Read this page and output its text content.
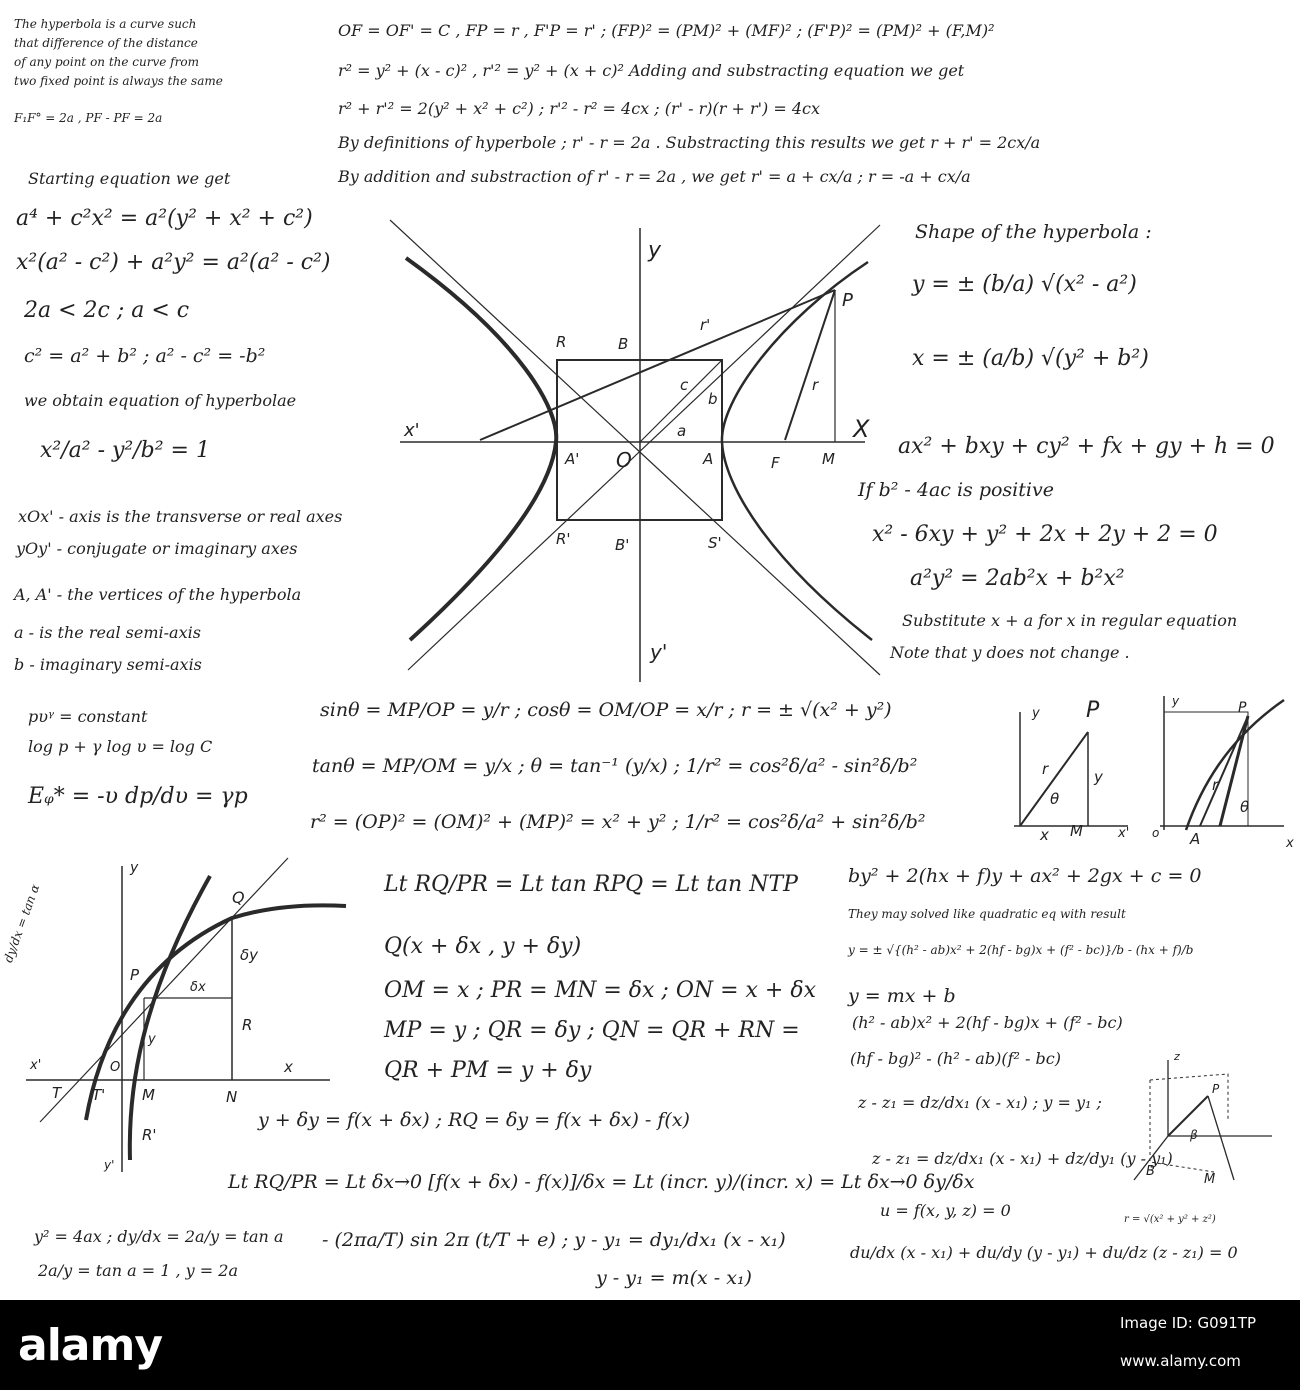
The hyperbola is a curve such

that difference of the distance

of any point on the curve from

two fixed point is always the same

F₁F° = 2a , PF - PF = 2a

OF = OF' = C , FP = r , F'P = r' ; (FP)² = (PM)² + (MF)² ; (F'P)² = (PM)² + (F,M)²

r² = y² + (x - c)² , r'² = y² + (x + c)² Adding and substracting equation we get

r² + r'² = 2(y² + x² + c²) ; r'² - r² = 4cx ; (r' - r)(r + r') = 4cx

By definitions of hyperbole ; r' - r = 2a . Substracting this results we get r + r' = 2cx/a

By addition and substraction of r' - r = 2a , we get r' = a + cx/a ; r = -a + cx/a

Starting equation we get

a⁴ + c²x² = a²(y² + x² + c²)

x²(a² - c²) + a²y² = a²(a² - c²)

2a < 2c ; a < c

c² = a² + b² ; a² - c² = -b²

we obtain equation of hyperbolae

x²/a² - y²/b² = 1

xOx' - axis is the transverse or real axes

yOy' - conjugate or imaginary axes

A, A' - the vertices of the hyperbola

a - is the real semi-axis

b - imaginary semi-axis

y
y'
X
x'
P
r'
r
R	B
c
b
a
A' O	A	F	M
R'	B'	S'

Shape of the hyperbola :

y = ± (b/a) √(x² - a²)

x = ± (a/b) √(y² + b²)

ax² + bxy + cy² + fx + gy + h = 0

If b² - 4ac is positive

x² - 6xy + y² + 2x + 2y + 2 = 0

a²y² = 2ab²x + b²x²

Substitute x + a for x in regular equation

Note that y does not change .

pυᵞ = constant

log p + γ log υ = log C

Eᵩ* = -υ dp/dυ = γp

sinθ = MP/OP = y/r ; cosθ = OM/OP = x/r ; r = ± √(x² + y²)

tanθ = MP/OM = y/x ; θ = tan⁻¹ (y/x) ; 1/r² = cos²δ/a² - sin²δ/b²

r² = (OP)² = (OM)² + (MP)² = x² + y² ; 1/r² = cos²δ/a² + sin²δ/b²

y P
r
θ
y
x M	x'
y	P
r
θ
o A	x
y
Q
δy
δx
P
R
y
x'	x
T T'
O
M	N
R'
y'

dy/dx = tan α	Lt RQ/PR = Lt tan RPQ = Lt tan NTP

Q(x + δx , y + δy)

OM = x ; PR = MN = δx ; ON = x + δx

MP = y ; QR = δy ; QN = QR + RN =

QR + PM = y + δy

by² + 2(hx + f)y + ax² + 2gx + c = 0

They may solved like quadratic eq with result

y = ± √{(h² - ab)x² + 2(hf - bg)x + (f² - bc)}/b - (hx + f)/b

y = mx + b

(h² - ab)x² + 2(hf - bg)x + (f² - bc)

(hf - bg)² - (h² - ab)(f² - bc)

z - z₁ = dz/dx₁ (x - x₁) ; y = y₁ ;

z - z₁ = dz/dx₁ (x - x₁) + dz/dy₁ (y - y₁)

u = f(x, y, z) = 0	r = √(x² + y² + z²)

du/dx (x - x₁) + du/dy (y - y₁) + du/dz (z - z₁) = 0

z
P
β
B
M

y + δy = f(x + δx) ; RQ = δy = f(x + δx) - f(x)

Lt RQ/PR = Lt δx→0 [f(x + δx) - f(x)]/δx = Lt (incr. y)/(incr. x) = Lt δx→0 δy/δx

- (2πa/T) sin 2π (t/T + e) ; y - y₁ = dy₁/dx₁ (x - x₁)

y - y₁ = m(x - x₁)

y² = 4ax ; dy/dx = 2a/y = tan a

2a/y = tan a = 1 , y = 2a

alamy	Image ID: G091TP
www.alamy.com
